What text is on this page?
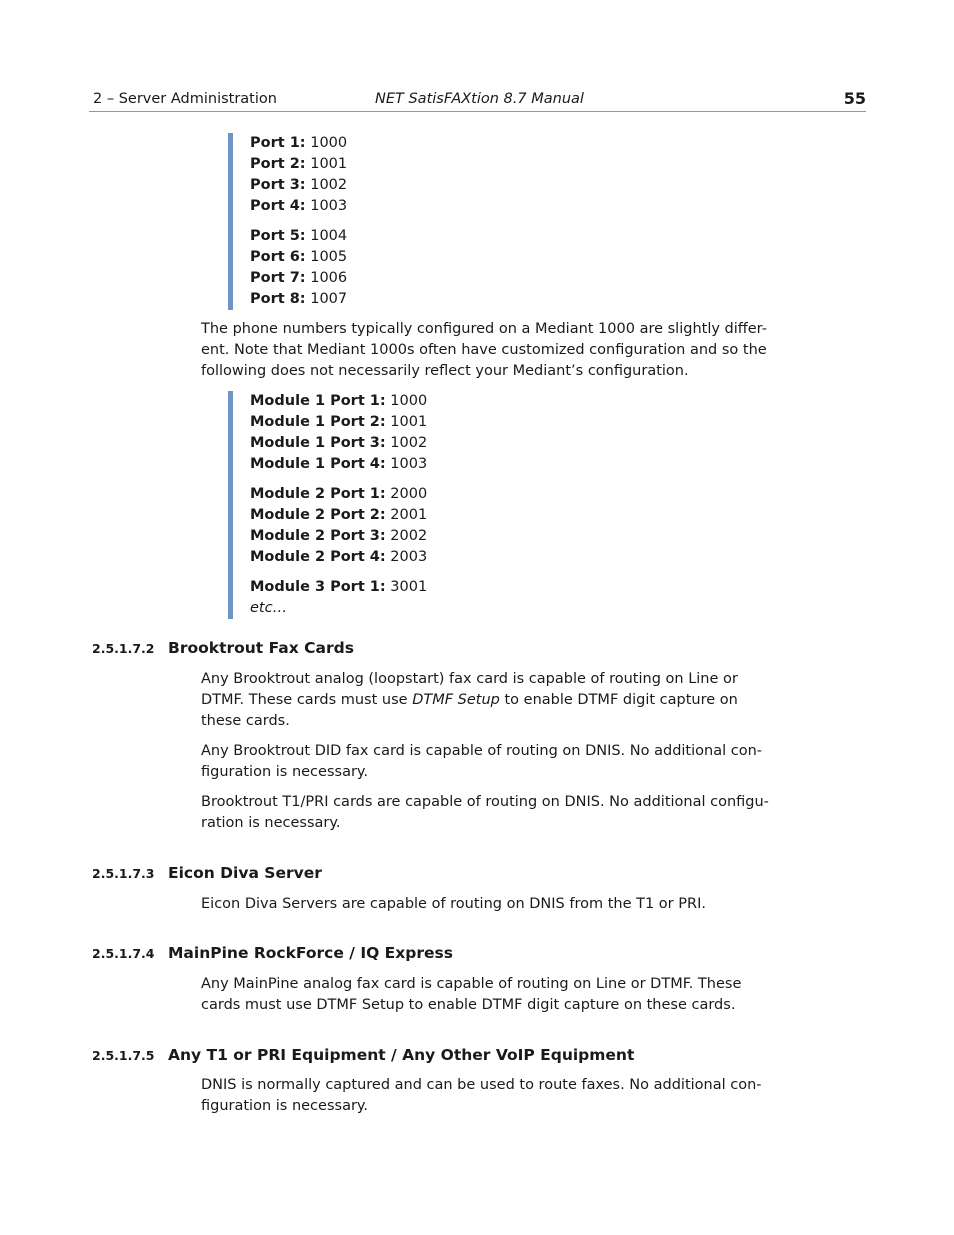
2 – Server Administration	NET SatisFAXtion 8.7 Manual	55
Port 1: 1000
Port 2: 1001
Port 3: 1002
Port 4: 1003
Port 5: 1004
Port 6: 1005
Port 7: 1006
Port 8: 1007
The phone numbers typically configured on a Mediant 1000 are slightly differ-
ent. Note that Mediant 1000s often have customized configuration and so the
following does not necessarily reflect your Mediant’s configuration.
Module 1 Port 1: 1000
Module 1 Port 2: 1001
Module 1 Port 3: 1002
Module 1 Port 4: 1003
Module 2 Port 1: 2000
Module 2 Port 2: 2001
Module 2 Port 3: 2002
Module 2 Port 4: 2003
Module 3 Port 1: 3001
etc…
2.5.1.7.2 Brooktrout Fax Cards
Any Brooktrout analog (loopstart) fax card is capable of routing on Line or
DTMF. These cards must use DTMF Setup to enable DTMF digit capture on
these cards.
Any Brooktrout DID fax card is capable of routing on DNIS. No additional con-
figuration is necessary.
Brooktrout T1/PRI cards are capable of routing on DNIS. No additional configu-
ration is necessary.
2.5.1.7.3 Eicon Diva Server
Eicon Diva Servers are capable of routing on DNIS from the T1 or PRI.
2.5.1.7.4 MainPine RockForce / IQ Express
Any MainPine analog fax card is capable of routing on Line or DTMF. These
cards must use DTMF Setup to enable DTMF digit capture on these cards.
2.5.1.7.5 Any T1 or PRI Equipment / Any Other VoIP Equipment
DNIS is normally captured and can be used to route faxes. No additional con-
figuration is necessary.
